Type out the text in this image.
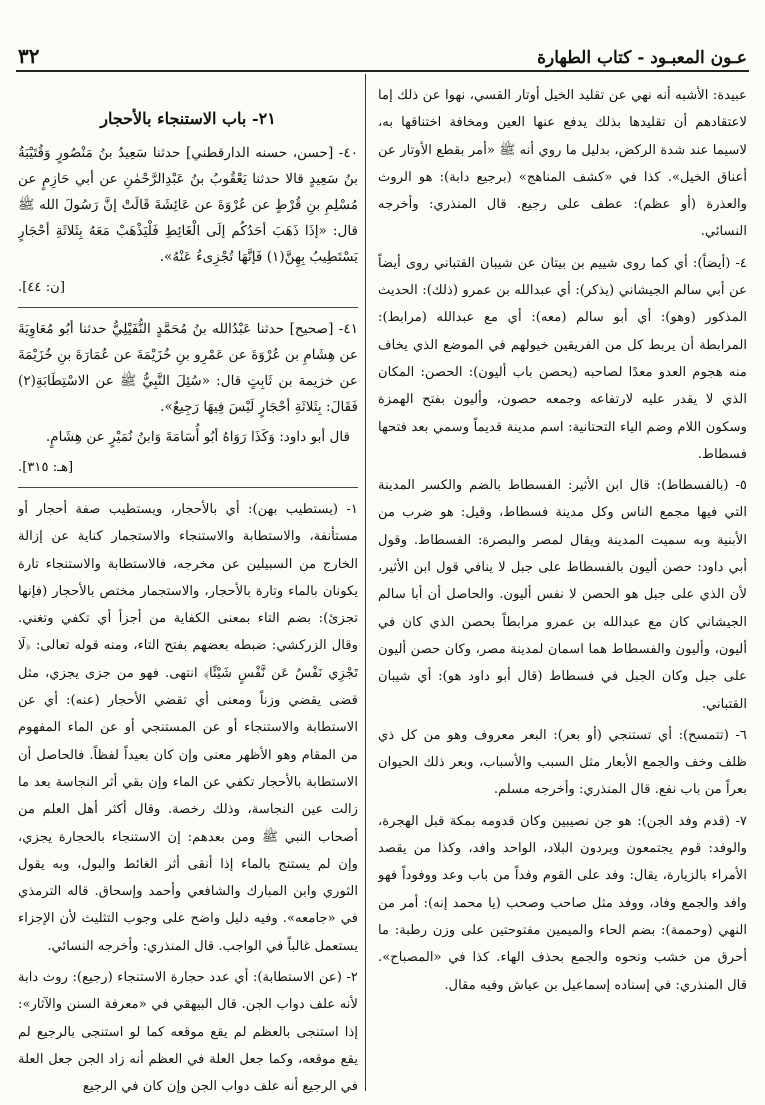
عـون المعبـود - كتاب الطهارة
٣٢

عبيدة: الأشبه أنه نهي عن تقليد الخيل أوتار القسي، نهوا عن ذلك إما لاعتقادهم أن تقليدها بذلك يدفع عنها العين ومخافة اختناقها به، لاسيما عند شدة الركض، بدليل ما روي أنه ﷺ «أمر بقطع الأوتار عن أعناق الخيل». كذا في «كشف المناهج» (برجيع دابة): هو الروث والعذرة (أو عظم): عطف على رجيع. قال المنذري: وأخرجه النسائي.

٤- (أيضاً): أي كما روى شييم بن بيتان عن شيبان القتباني روى أيضاً عن أبي سالم الجيشاني (يذكر): أي عبدالله بن عمرو (ذلك): الحديث المذكور (وهو): أي أبو سالم (معه): أي مع عبدالله (مرابط): المرابطة أن يربط كل من الفريقين خيولهم في الموضع الذي يخاف منه هجوم العدو معدًا لصاحبه (بحصن باب أليون): الحصن: المكان الذي لا يقدر عليه لارتفاعه وجمعه حصون، وأليون بفتح الهمزة وسكون اللام وضم الياء التحتانية: اسم مدينة قديماً وسمي بعد فتحها فسطاط.

٥- (بالفسطاط): قال ابن الأثير: الفسطاط بالضم والكسر المدينة التي فيها مجمع الناس وكل مدينة فسطاط، وقيل: هو ضرب من الأبنية وبه سميت المدينة ويقال لمصر والبصرة: الفسطاط. وقول أبي داود: حصن أليون بالفسطاط على جبل لا ينافي قول ابن الأثير، لأن الذي على جبل هو الحصن لا نفس أليون. والحاصل أن أبا سالم الجيشاني كان مع عبدالله بن عمرو مرابطاً بحصن الذي كان في أليون، وأليون والفسطاط هما اسمان لمدينة مصر، وكان حصن أليون على جبل وكان الجبل في فسطاط (قال أبو داود هو): أي شيبان القتباني.

٦- (تتمسح): أي تستنجي (أو بعر): البعر معروف وهو من كل ذي ظلف وخف والجمع الأبعار مثل السبب والأسباب، وبعر ذلك الحيوان بعراً من باب نفع. قال المنذري: وأخرجه مسلم.

٧- (قدم وفد الجن): هو جن نصيبين وكان قدومه بمكة قبل الهجرة، والوفد: قوم يجتمعون ويردون البلاد، الواحد وافد، وكذا من يقصد الأمراء بالزيارة، يقال: وفد على القوم وفداً من باب وعد ووفوداً فهو وافد والجمع وفاد، ووفد مثل صاحب وصحب (يا محمد إنه): أمر من النهي (وحممة): بضم الحاء والميمين مفتوحتين على وزن رطبة: ما أحرق من خشب ونحوه والجمع بحذف الهاء. كذا في «المصباح». قال المنذري: في إسناده إسماعيل بن عياش وفيه مقال.

٢١- باب الاستنجاء بالأحجار

٤٠- [حسن، حسنه الدارقطني] حدثنا سَعِيدُ بنُ مَنْصُورٍ وَقُتَيْبَةُ بنُ سَعِيدٍ قالا حدثنا يَعْقُوبُ بنُ عَبْدِالرَّحْمٰنِ عن أبي حَازِمٍ عن مُسْلِمِ بنِ قُرْطٍ عن عُرْوَةَ عن عَائِشَةَ قَالَتْ إنَّ رَسُولَ الله ﷺ قال: «إذَا ذَهَبَ أحَدُكُم إلَى الْغَائِطِ فَلْيَذْهَبْ مَعَهُ بِثَلاثَةِ أحْجَارٍ يَسْتَطِيبُ بِهِنَّ(١) فَإنَّهَا تُجْزِىءُ عَنْهُ».

[ن: ٤٤].

٤١- [صحيح] حدثنا عَبْدُالله بنُ مُحَمَّدٍ النُّفَيْلِيُّ حدثنا أبُو مُعَاوِيَةَ عن هِشَامِ بن عُرْوَةَ عن عَمْرِو بنِ خُزَيْمَةَ عن عُمَارَةَ بنِ خُزَيْمَةَ عن خزيمة بن ثَابِتٍ قال: «سُئِلَ النَّبِيُّ ﷺ عن الاسْتِطَابَةِ(٢) فَقَالَ: بِثَلاثَةِ أحْجَارٍ لَيْسَ فِيهَا رَجِيعٌ».

قال أبو داود: وَكَذَا رَوَاهُ أبُو أُسَامَةَ وَابنُ نُمَيْرٍ عن هِشَامٍ.

[هـ: ٣١٥].

١- (يستطيب بهن): أي بالأحجار، ويستطيب صفة أحجار أو مستأنفة، والاستطابة والاستنجاء والاستجمار كناية عن إزالة الخارج من السبيلين عن مخرجه، فالاستطابة والاستنجاء تارة يكونان بالماء وتارة بالأحجار، والاستجمار مختص بالأحجار (فإنها تجزئ): بضم التاء بمعنى الكفاية من أجزأ أي تكفي وتغني. وقال الزركشي: ضبطه بعضهم بفتح التاء، ومنه قوله تعالى: ﴿لَا تَجْزِي نَفْسٌ عَن نَّفْسٍ شَيْئًا﴾ انتهى. فهو من جزى يجزي، مثل قضى يقضي وزناً ومعنى أي تقضي الأحجار (عنه): أي عن الاستطابة والاستنجاء أو عن المستنجي أو عن الماء المفهوم من المقام وهو الأظهر معنى وإن كان بعيداً لفظاً. فالحاصل أن الاستطابة بالأحجار تكفي عن الماء وإن بقي أثر النجاسة بعد ما زالت عين النجاسة، وذلك رخصة. وقال أكثر أهل العلم من أصحاب النبي ﷺ ومن بعدهم: إن الاستنجاء بالحجارة يجزي، وإن لم يستنج بالماء إذا أنقى أثر الغائط والبول، وبه يقول الثوري وابن المبارك والشافعي وأحمد وإسحاق. قاله الترمذي في «جامعه». وفيه دليل واضح على وجوب التثليث لأن الإجزاء يستعمل غالباً في الواجب. قال المنذري: وأخرجه النسائي.

٢- (عن الاستطابة): أي عدد حجارة الاستنجاء (رجيع): روث دابة لأنه علف دواب الجن. قال البيهقي في «معرفة السنن والآثار»: إذا استنجى بالعظم لم يقع موقعه كما لو استنجى بالرجيع لم يقع موقعه، وكما جعل العلة في العظم أنه زاد الجن جعل العلة في الرجيع أنه علف دواب الجن وإن كان في الرجيع
